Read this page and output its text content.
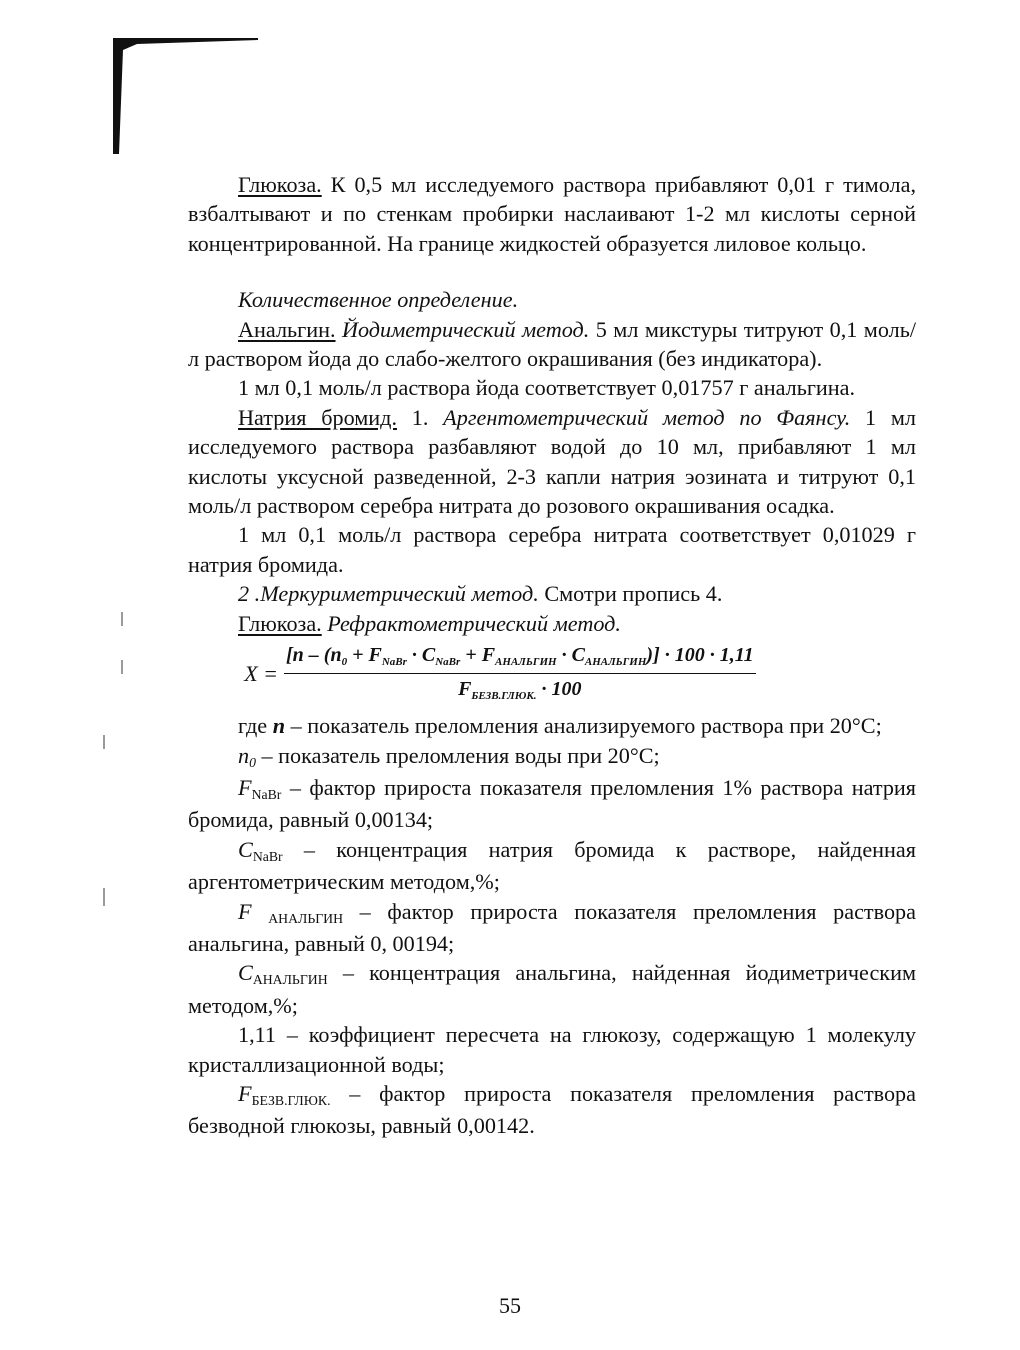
Глюкоза. К 0,5 мл исследуемого раствора прибавляют 0,01 г тимола, взбалтывают и по стенкам пробирки наслаивают 1-2 мл кислоты серной концентрированной. На границе жидкостей образуется лиловое кольцо.

Количественное определение.

Анальгин. Йодиметрический метод. 5 мл микстуры титруют 0,1 моль/л раствором йода до слабо-желтого окрашивания (без индикатора).

1 мл 0,1 моль/л раствора йода соответствует 0,01757 г анальгина.

Натрия бромид. 1. Аргентометрический метод по Фаянсу. 1 мл исследуемого раствора разбавляют водой до 10 мл, прибавляют 1 мл кислоты уксусной разведенной, 2-3 капли натрия эозината и титруют 0,1 моль/л раствором серебра нитрата до розового окрашивания осадка.

1 мл 0,1 моль/л раствора серебра нитрата соответствует 0,01029 г натрия бромида.

2 .Меркуриметрический метод. Смотри пропись 4.

Глюкоза. Рефрактометрический метод.

X =
[n – (n0 + FNaBr · CNaBr + FАНАЛЬГИН · CАНАЛЬГИН)] · 100 · 1,11
FБЕЗВ.ГЛЮК. · 100

где n – показатель преломления анализируемого раствора при 20°С;

n0 – показатель преломления воды при 20°С;

FNaBr – фактор прироста показателя преломления 1% раствора натрия бромида, равный 0,00134;

CNaBr – концентрация натрия бромида к растворе, найденная аргентометрическим методом,%;

F АНАЛЬГИН – фактор прироста показателя преломления раствора анальгина, равный 0, 00194;

CАНАЛЬГИН – концентрация анальгина, найденная йодиметрическим методом,%;

1,11 – коэффициент пересчета на глюкозу, содержащую 1 молекулу кристаллизационной воды;

FБЕЗВ.ГЛЮК. – фактор прироста показателя преломления раствора безводной глюкозы, равный 0,00142.

55
